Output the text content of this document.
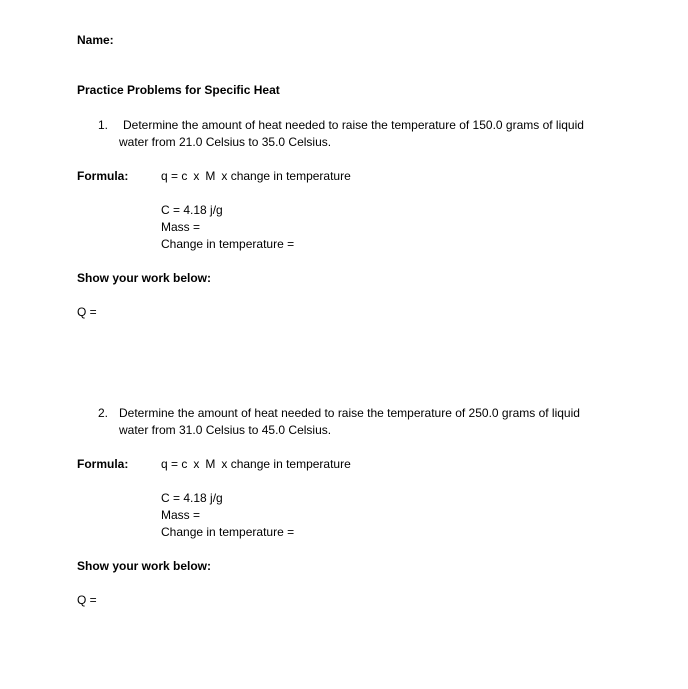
Name:
Practice Problems for Specific Heat
1. Determine the amount of heat needed to raise the temperature of 150.0 grams of liquid
water from 21.0 Celsius to 35.0 Celsius.
Formula:	q = c x M x change in temperature
C = 4.18 j/g
Mass =
Change in temperature =
Show your work below:
Q =
2. Determine the amount of heat needed to raise the temperature of 250.0 grams of liquid
water from 31.0 Celsius to 45.0 Celsius.
Formula:	q = c x M x change in temperature
C = 4.18 j/g
Mass =
Change in temperature =
Show your work below:
Q =
